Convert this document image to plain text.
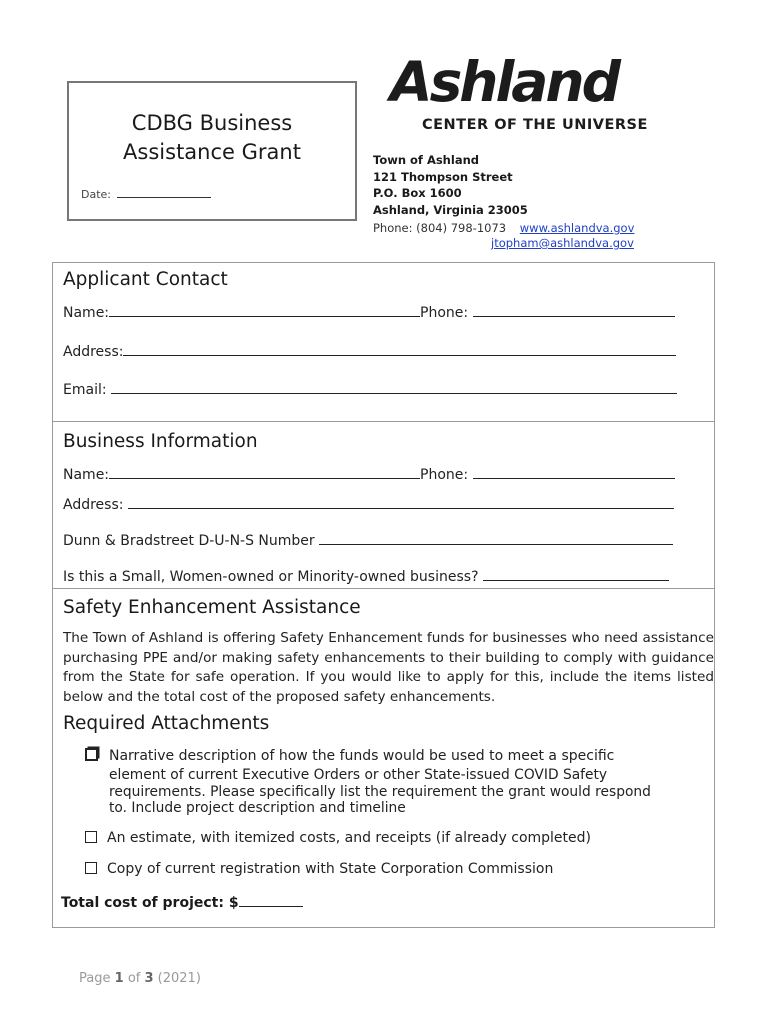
CDBG Business
Assistance Grant
Date:
Ashland
CENTER OF THE UNIVERSE
Town of Ashland
121 Thompson Street
P.O. Box 1600
Ashland, Virginia 23005
Phone: (804) 798-1073 www.ashlandva.gov
jtopham@ashlandva.gov
Applicant Contact
Name:	Phone:
Address:
Email:
Business Information
Name:	Phone:
Address:
Dunn & Bradstreet D-U-N-S Number
Is this a Small, Women-owned or Minority-owned business?
Safety Enhancement Assistance
The Town of Ashland is offering Safety Enhancement funds for businesses who need assistance purchasing PPE and/or making safety enhancements to their building to comply with guidance from the State for safe operation. If you would like to apply for this, include the items listed below and the total cost of the proposed safety enhancements.
Required Attachments
Narrative description of how the funds would be used to meet a specific
element of current Executive Orders or other State-issued COVID Safety requirements. Please specifically list the requirement the grant would respond to. Include project description and timeline
An estimate, with itemized costs, and receipts (if already completed)
Copy of current registration with State Corporation Commission
Total cost of project: $
Page 1 of 3 (2021)
